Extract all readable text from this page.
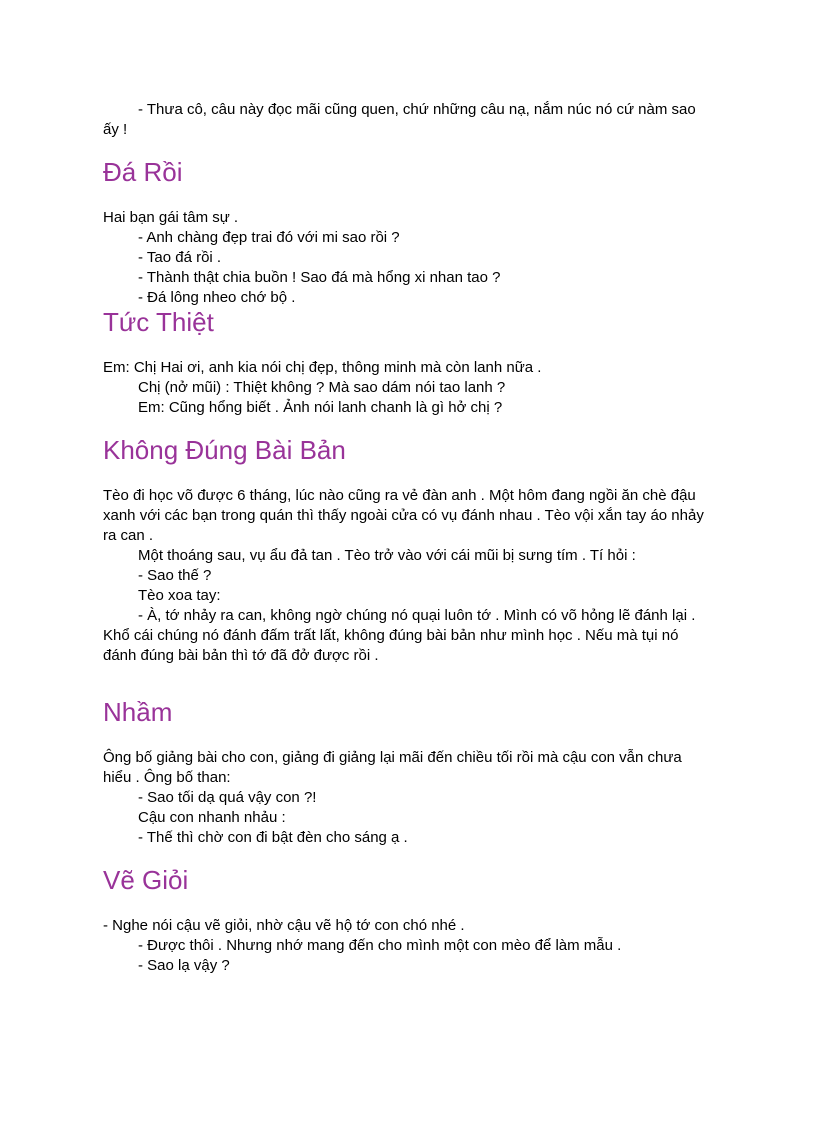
- Thưa cô, câu này đọc mãi cũng quen, chứ những câu nạ, nắm núc nó cứ nàm sao ấy !

Đá Rồi

Hai bạn gái tâm sự .

- Anh chàng đẹp trai đó với mi sao rồi ?

- Tao đá rồi .

- Thành thật chia buồn ! Sao đá mà hổng xi nhan tao ?

- Đá lông nheo chớ bộ .

Tức Thiệt

Em: Chị Hai ơi, anh kia nói chị đẹp, thông minh mà còn lanh nữa .

Chị (nở mũi) : Thiệt không ? Mà sao dám nói tao lanh ?

Em: Cũng hổng biết . Ảnh nói lanh chanh là gì hở chị ?

Không Đúng Bài Bản

Tèo đi học võ được 6 tháng, lúc nào cũng ra vẻ đàn anh . Một hôm đang ngồi ăn chè đậu xanh với các bạn trong quán thì thấy ngoài cửa có vụ đánh nhau . Tèo vội xắn tay áo nhảy ra can .

Một thoáng sau, vụ ẩu đả tan . Tèo trở vào với cái mũi bị sưng tím . Tí hỏi :

- Sao thế ?

Tèo xoa tay:

- À, tớ nhảy ra can, không ngờ chúng nó quại luôn tớ . Mình có võ hỏng lẽ đánh lại . Khổ cái chúng nó đánh đấm trất lất, không đúng bài bản như mình học . Nếu mà tụi nó đánh đúng bài bản thì tớ đã đở được rồi .

Nhầm

Ông bố giảng bài cho con, giảng đi giảng lại mãi đến chiều tối rồi mà cậu con vẫn chưa hiểu . Ông bố than:

- Sao tối dạ quá vậy con ?!

Cậu con nhanh nhảu :

- Thế thì chờ con đi bật đèn cho sáng ạ .

Vẽ Giỏi

- Nghe nói cậu vẽ giỏi, nhờ cậu vẽ hộ tớ con chó nhé .

- Được thôi . Nhưng nhớ mang đến cho mình một con mèo để làm mẫu .

- Sao lạ vậy ?
